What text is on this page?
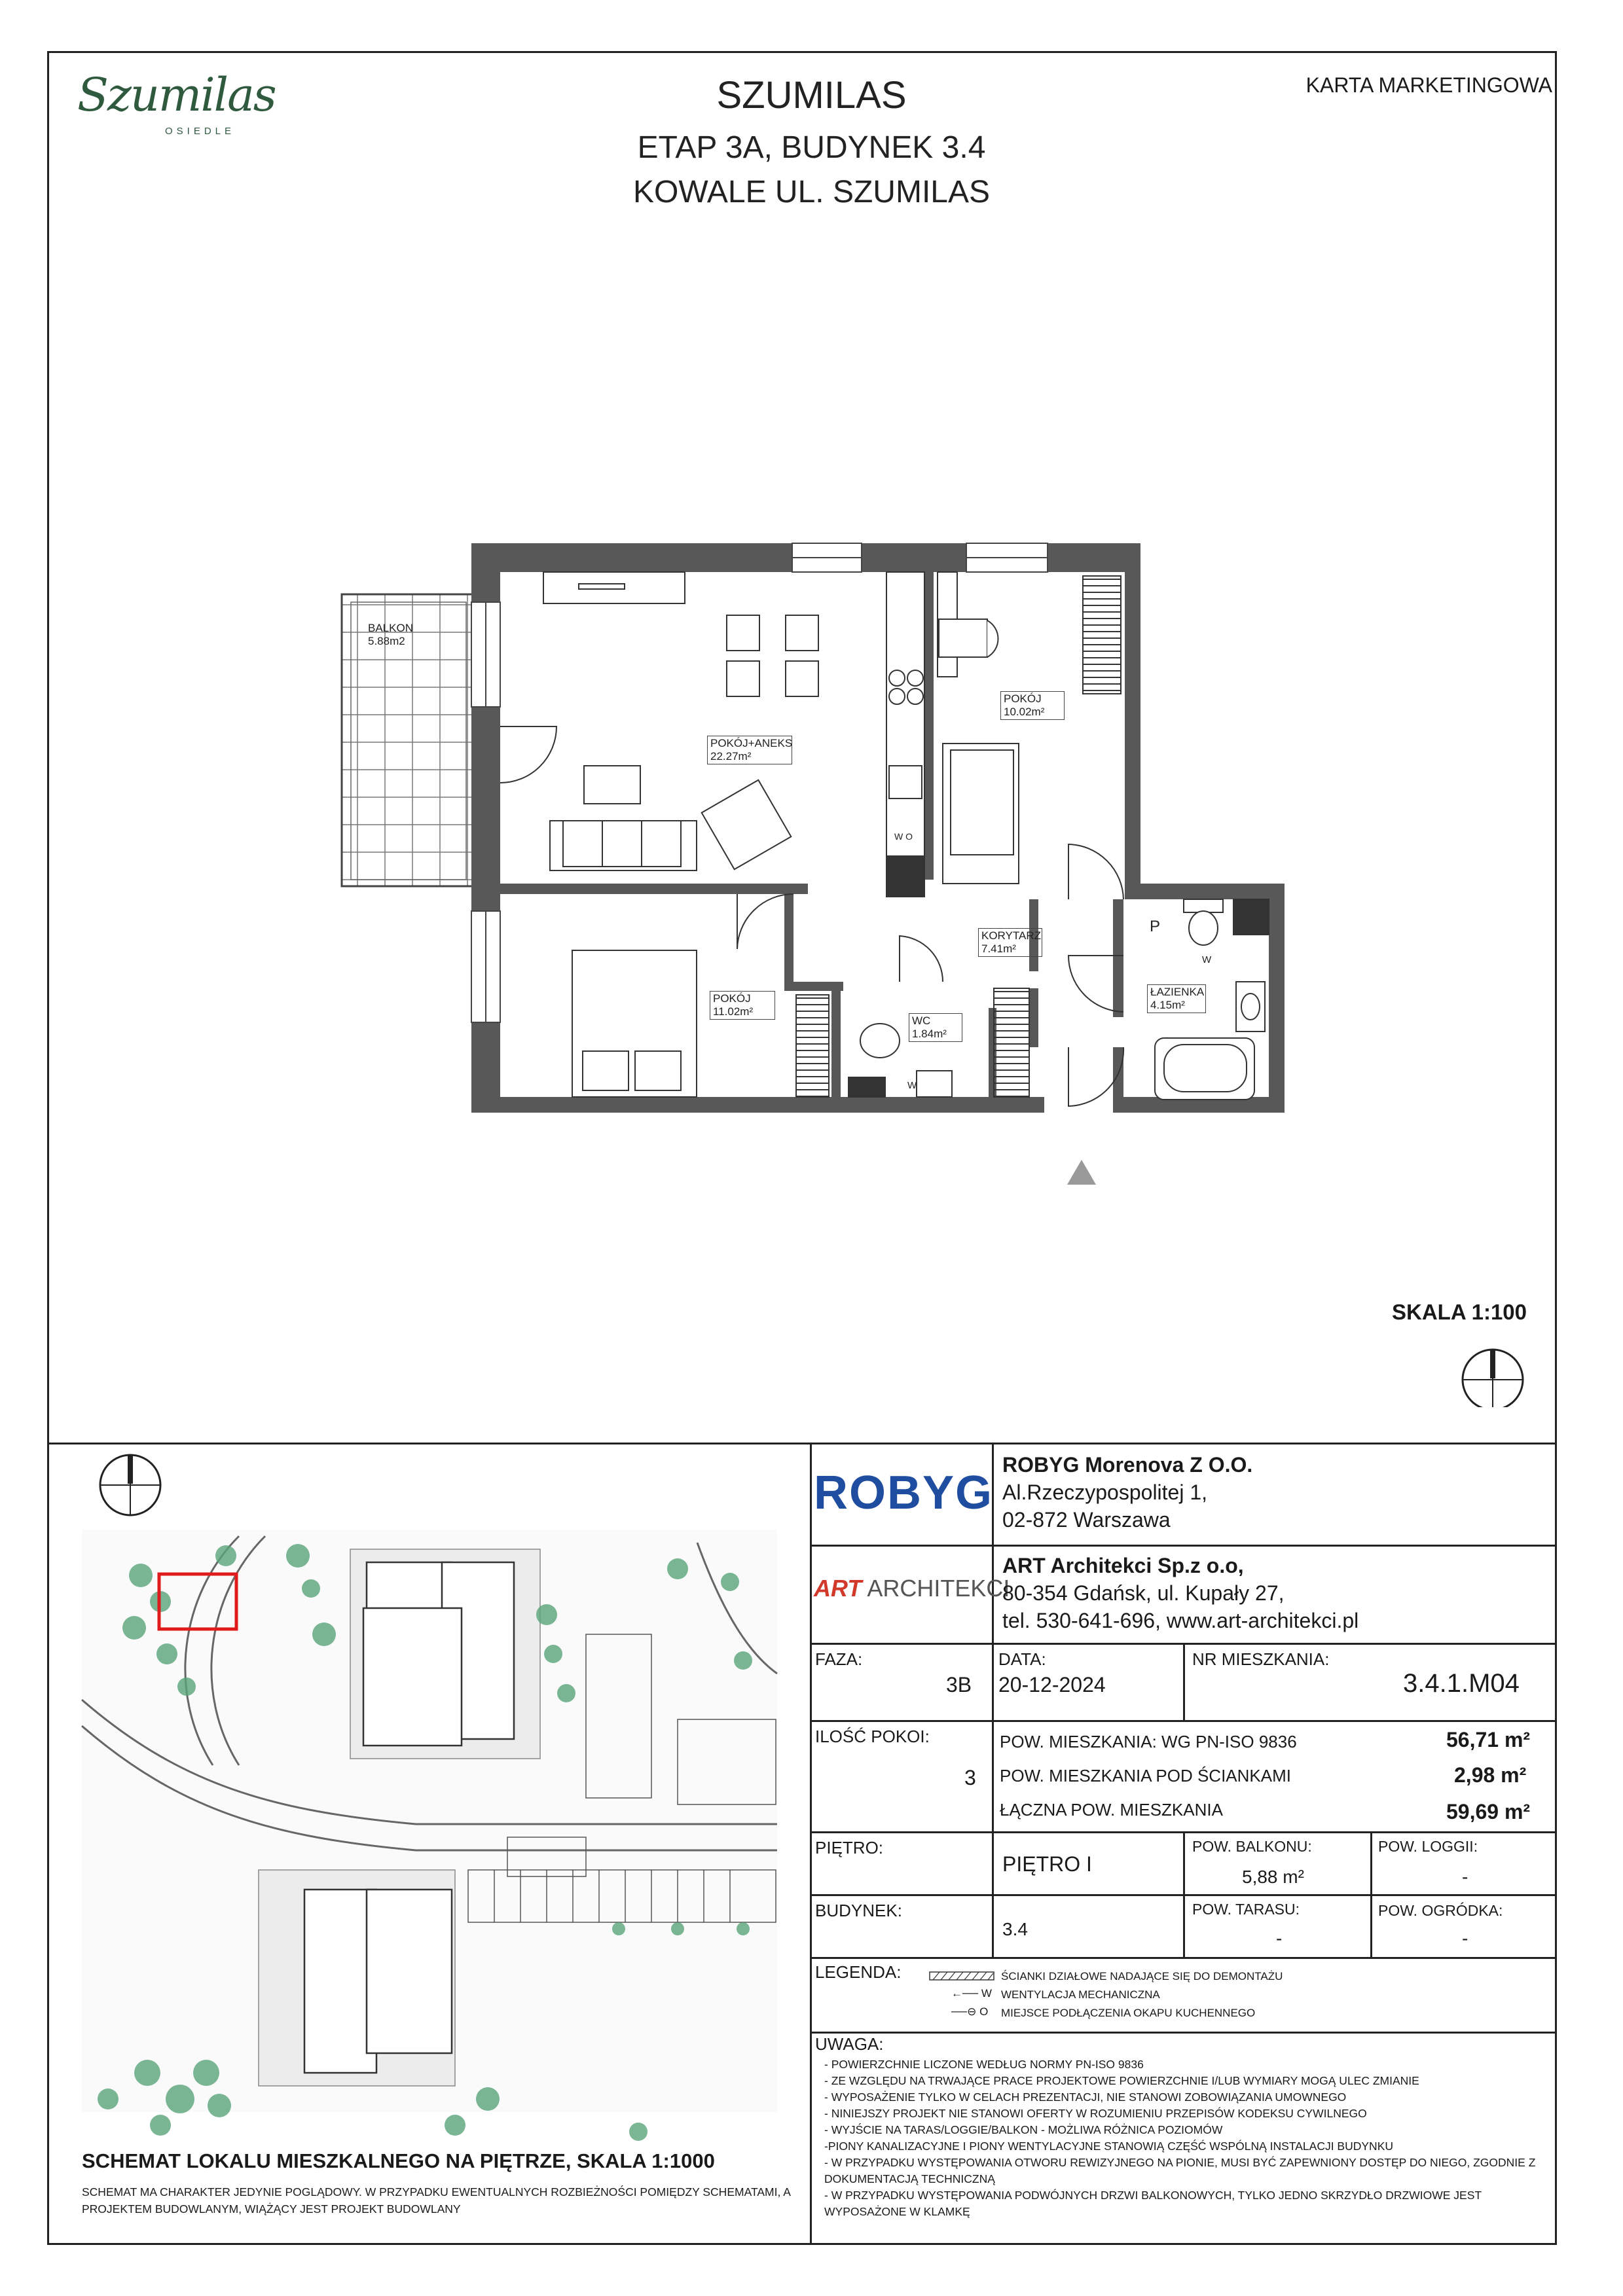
Szumilas
OSIEDLE
SZUMILAS
ETAP 3A, BUDYNEK 3.4
KOWALE UL. SZUMILAS
KARTA MARKETINGOWA
BALKON
5.88m2
POKÓJ+ANEKS
22.27m²
POKÓJ
10.02m²
KORYTARZ
7.41m²
POKÓJ
11.02m²
WC
1.84m²
ŁAZIENKA
4.15m²
P
W
W
W O
SKALA 1:100
SCHEMAT LOKALU MIESZKALNEGO NA PIĘTRZE, SKALA 1:1000
SCHEMAT MA CHARAKTER JEDYNIE POGLĄDOWY. W PRZYPADKU EWENTUALNYCH ROZBIEŻNOŚCI POMIĘDZY SCHEMATAMI, A PROJEKTEM BUDOWLANYM, WIĄŻĄCY JEST PROJEKT BUDOWLANY
ROBYG
ROBYG Morenova Z O.O.
Al.Rzeczypospolitej 1,
02-872 Warszawa
ART ARCHITEKCI
ART Architekci Sp.z o.o,
80-354 Gdańsk, ul. Kupały 27,
tel. 530-641-696, www.art-architekci.pl
FAZA:
3B
DATA:
20-12-2024
NR MIESZKANIA:
3.4.1.M04
ILOŚĆ POKOI:
3
POW. MIESZKANIA: WG PN-ISO 9836	56,71 m²
POW. MIESZKANIA POD ŚCIANKAMI	2,98 m²
ŁĄCZNA POW. MIESZKANIA	59,69 m²
PIĘTRO:
PIĘTRO I
POW. BALKONU:
5,88 m²
POW. LOGGII:
-
BUDYNEK:
3.4
POW. TARASU:
-
POW. OGRÓDKA:
-
LEGENDA:	ŚCIANKI DZIAŁOWE NADAJĄCE SIĘ DO DEMONTAŻU
←── W WENTYLACJA MECHANICZNA
──⊖ O MIEJSCE PODŁĄCZENIA OKAPU KUCHENNEGO
UWAGA:
- POWIERZCHNIE LICZONE WEDŁUG NORMY PN-ISO 9836
- ZE WZGLĘDU NA TRWAJĄCE PRACE PROJEKTOWE POWIERZCHNIE I/LUB WYMIARY MOGĄ ULEC ZMIANIE
- WYPOSAŻENIE TYLKO W CELACH PREZENTACJI, NIE STANOWI ZOBOWIĄZANIA UMOWNEGO
- NINIEJSZY PROJEKT NIE STANOWI OFERTY W ROZUMIENIU PRZEPISÓW KODEKSU CYWILNEGO
- WYJŚCIE NA TARAS/LOGGIE/BALKON - MOŻLIWA RÓŻNICA POZIOMÓW
-PIONY KANALIZACYJNE I PIONY WENTYLACYJNE STANOWIĄ CZĘŚĆ WSPÓLNĄ INSTALACJI BUDYNKU
- W PRZYPADKU WYSTĘPOWANIA OTWORU REWIZYJNEGO NA PIONIE, MUSI BYĆ ZAPEWNIONY DOSTĘP DO NIEGO, ZGODNIE Z DOKUMENTACJĄ TECHNICZNĄ
- W PRZYPADKU WYSTĘPOWANIA PODWÓJNYCH DRZWI BALKONOWYCH, TYLKO JEDNO SKRZYDŁO DRZWIOWE JEST WYPOSAŻONE W KLAMKĘ
